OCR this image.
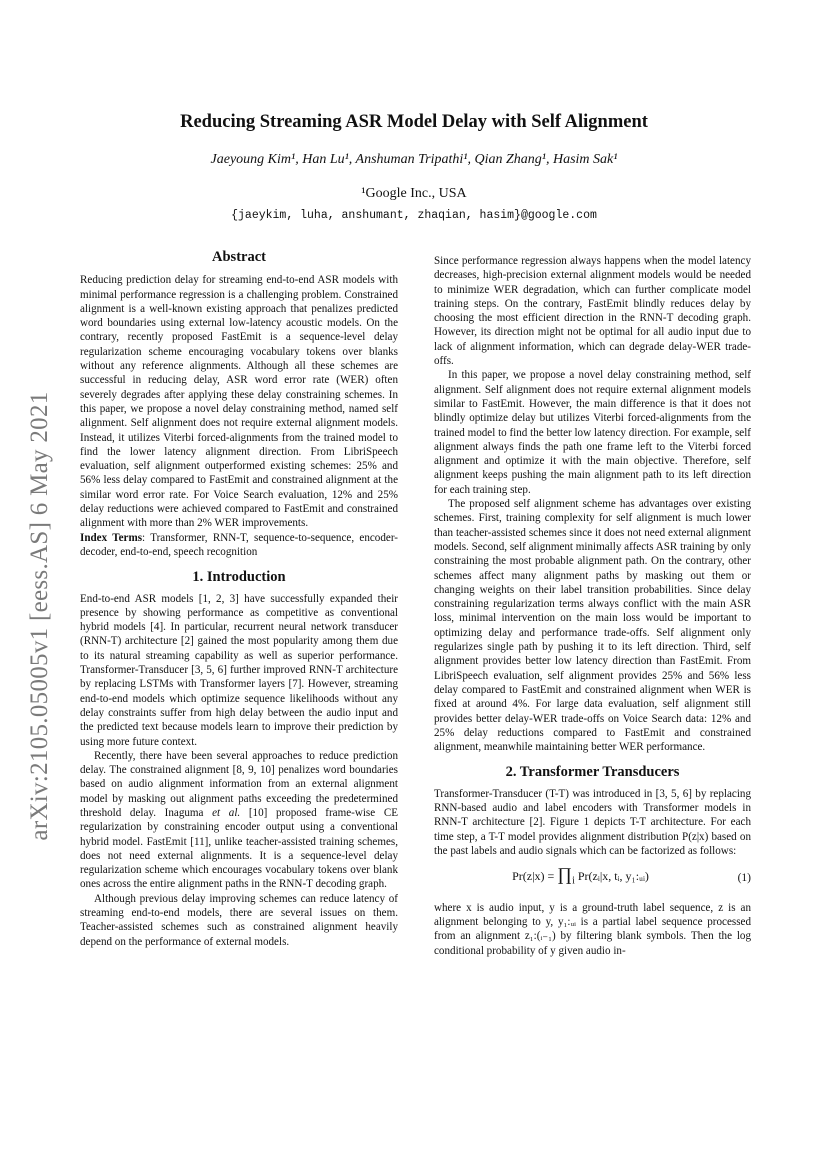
arXiv:2105.05005v1 [eess.AS] 6 May 2021
Reducing Streaming ASR Model Delay with Self Alignment
Jaeyoung Kim¹, Han Lu¹, Anshuman Tripathi¹, Qian Zhang¹, Hasim Sak¹
¹Google Inc., USA
{jaeykim, luha, anshumant, zhaqian, hasim}@google.com
Abstract

Reducing prediction delay for streaming end-to-end ASR models with minimal performance regression is a challenging problem. Constrained alignment is a well-known existing approach that penalizes predicted word boundaries using external low-latency acoustic models. On the contrary, recently proposed FastEmit is a sequence-level delay regularization scheme encouraging vocabulary tokens over blanks without any reference alignments. Although all these schemes are successful in reducing delay, ASR word error rate (WER) often severely degrades after applying these delay constraining schemes. In this paper, we propose a novel delay constraining method, named self alignment. Self alignment does not require external alignment models. Instead, it utilizes Viterbi forced-alignments from the trained model to find the lower latency alignment direction. From LibriSpeech evaluation, self alignment outperformed existing schemes: 25% and 56% less delay compared to FastEmit and constrained alignment at the similar word error rate. For Voice Search evaluation, 12% and 25% delay reductions were achieved compared to FastEmit and constrained alignment with more than 2% WER improvements.

Index Terms: Transformer, RNN-T, sequence-to-sequence, encoder-decoder, end-to-end, speech recognition

1. Introduction

End-to-end ASR models [1, 2, 3] have successfully expanded their presence by showing performance as competitive as conventional hybrid models [4]. In particular, recurrent neural network transducer (RNN-T) architecture [2] gained the most popularity among them due to its natural streaming capability as well as superior performance. Transformer-Transducer [3, 5, 6] further improved RNN-T architecture by replacing LSTMs with Transformer layers [7]. However, streaming end-to-end models which optimize sequence likelihoods without any delay constraints suffer from high delay between the audio input and the predicted text because models learn to improve their prediction by using more future context.

Recently, there have been several approaches to reduce prediction delay. The constrained alignment [8, 9, 10] penalizes word boundaries based on audio alignment information from an external alignment model by masking out alignment paths exceeding the predetermined threshold delay. Inaguma et al. [10] proposed frame-wise CE regularization by constraining encoder output using a conventional hybrid model. FastEmit [11], unlike teacher-assisted training schemes, does not need external alignments. It is a sequence-level delay regularization scheme which encourages vocabulary tokens over blank ones across the entire alignment paths in the RNN-T decoding graph.

Although previous delay improving schemes can reduce latency of streaming end-to-end models, there are several issues on them. Teacher-assisted schemes such as constrained alignment heavily depend on the performance of external models.

Since performance regression always happens when the model latency decreases, high-precision external alignment models would be needed to minimize WER degradation, which can further complicate model training steps. On the contrary, FastEmit blindly reduces delay by choosing the most efficient direction in the RNN-T decoding graph. However, its direction might not be optimal for all audio input due to lack of alignment information, which can degrade delay-WER trade-offs.

In this paper, we propose a novel delay constraining method, self alignment. Self alignment does not require external alignment models similar to FastEmit. However, the main difference is that it does not blindly optimize delay but utilizes Viterbi forced-alignments from the trained model to find the better low latency direction. For example, self alignment always finds the path one frame left to the Viterbi forced alignment and optimize it with the main objective. Therefore, self alignment keeps pushing the main alignment path to its left direction for each training step.

The proposed self alignment scheme has advantages over existing schemes. First, training complexity for self alignment is much lower than teacher-assisted schemes since it does not need external alignment models. Second, self alignment minimally affects ASR training by only constraining the most probable alignment path. On the contrary, other schemes affect many alignment paths by masking out them or changing weights on their label transition probabilities. Since delay constraining regularization terms always conflict with the main ASR loss, minimal intervention on the main loss would be important to optimizing delay and performance trade-offs. Self alignment only regularizes single path by pushing it to its left direction. Third, self alignment provides better low latency direction than FastEmit. From LibriSpeech evaluation, self alignment provides 25% and 56% less delay compared to FastEmit and constrained alignment when WER is fixed at around 4%. For large data evaluation, self alignment still provides better delay-WER trade-offs on Voice Search data: 12% and 25% delay reductions compared to FastEmit and constrained alignment, meanwhile maintaining better WER performance.

2. Transformer Transducers

Transformer-Transducer (T-T) was introduced in [3, 5, 6] by replacing RNN-based audio and label encoders with Transformer models in RNN-T architecture [2]. Figure 1 depicts T-T architecture. For each time step, a T-T model provides alignment distribution P(z|x) based on the past labels and audio signals which can be factorized as follows:

$Pr(z|x) = \prod_i$ Pr(zᵢ|x, tᵢ, y₁:ᵤᵢ)	(1)

where x is audio input, y is a ground-truth label sequence, z is an alignment belonging to y, y₁:ᵤᵢ is a partial label sequence processed from an alignment z₁:(ᵢ₋₁) by filtering blank symbols. Then the log conditional probability of y given audio in-
